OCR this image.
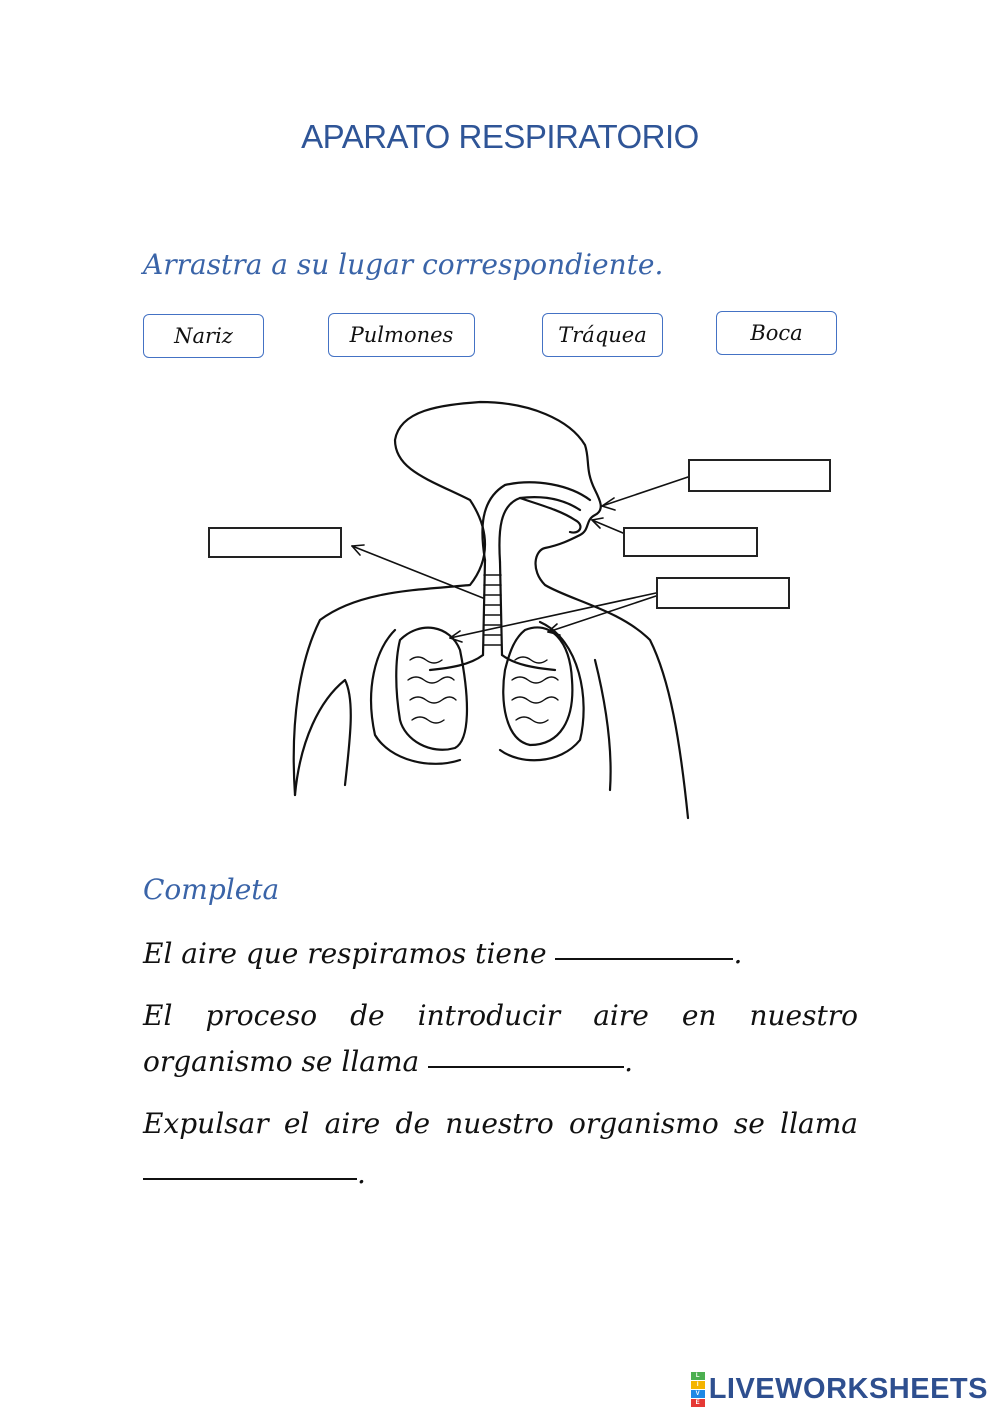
APARATO RESPIRATORIO
Arrastra a su lugar correspondiente.
Nariz	Pulmones	Tráquea	Boca
Completa
El aire que respiramos tiene	.
El proceso de introducir aire en nuestro
organismo se llama	.
Expulsar el aire de nuestro organismo se llama
.
L
I
V
E LIVEWORKSHEETS
